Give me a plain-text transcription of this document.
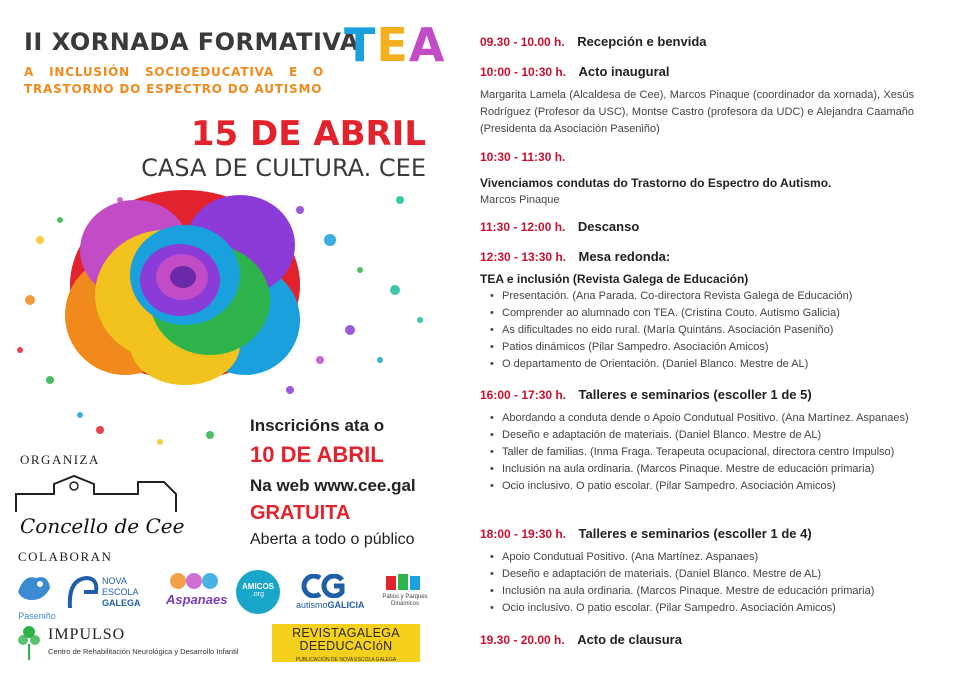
II XORNADA FORMATIVA
TEA
A INCLUSIÓN SOCIOEDUCATIVA E O TRASTORNO DO ESPECTRO DO AUTISMO
15 DE ABRIL
CASA DE CULTURA. CEE
Inscricións ata o
10 DE ABRIL
Na web www.cee.gal
GRATUITA
Aberta a todo o público
ORGANIZA
Concello de Cee
COLABORAN
Paseniño
NOVA
ESCOLA
GALEGA Aspanaes
AMICOS
.org
autismoGALICIA
Patios y Parques Dinámicos
IMPULSO
Centro de Rehabilitación Neurológica y Desarrollo Infantil
REVISTAGALEGA
DEEDUCACIóN
PUBLICACIÓN DE NOVA ESCOLA GALEGA
09.30 - 10.00 h. Recepción e benvida
10:00 - 10:30 h. Acto inaugural
Margarita Lamela (Alcaldesa de Cee), Marcos Pinaque (coordinador da xornada), Xesús Rodríguez (Profesor da USC), Montse Castro (profesora da UDC) e Alejandra Caamaño (Presidenta da Asociación Paseniño)
10:30 - 11:30 h.
Vivenciamos condutas do Trastorno do Espectro do Autismo.
Marcos Pinaque
11:30 - 12:00 h. Descanso
12:30 - 13:30 h. Mesa redonda:
TEA e inclusión (Revista Galega de Educación)
• Presentación. (Ana Parada. Co-directora Revista Galega de Educación)
• Comprender ao alumnado con TEA. (Cristina Couto. Autismo Galicia)
• As dificultades no eido rural. (María Quintáns. Asociación Paseniño)
• Patios dinámicos (Pilar Sampedro. Asociación Amicos)
• O departamento de Orientación. (Daniel Blanco. Mestre de AL)
16:00 - 17:30 h. Talleres e seminarios (escoller 1 de 5)
• Abordando a conduta dende o Apoio Condutual Positivo. (Ana Martínez. Aspanaes)
• Deseño e adaptación de materiais. (Daniel Blanco. Mestre de AL)
• Taller de familias. (Inma Fraga. Terapeuta ocupacional, directora centro Impulso)
• Inclusión na aula ordinaria. (Marcos Pinaque. Mestre de educación primaria)
• Ocio inclusivo. O patio escolar. (Pilar Sampedro. Asociación Amicos)
18:00 - 19:30 h. Talleres e seminarios (escoller 1 de 4)
• Apoio Condutual Positivo. (Ana Martínez. Aspanaes)
• Deseño e adaptación de materiais. (Daniel Blanco. Mestre de AL)
• Inclusión na aula ordinaria. (Marcos Pinaque. Mestre de educación primaria)
• Ocio inclusivo. O patio escolar. (Pilar Sampedro. Asociación Amicos)
19.30 - 20.00 h. Acto de clausura
